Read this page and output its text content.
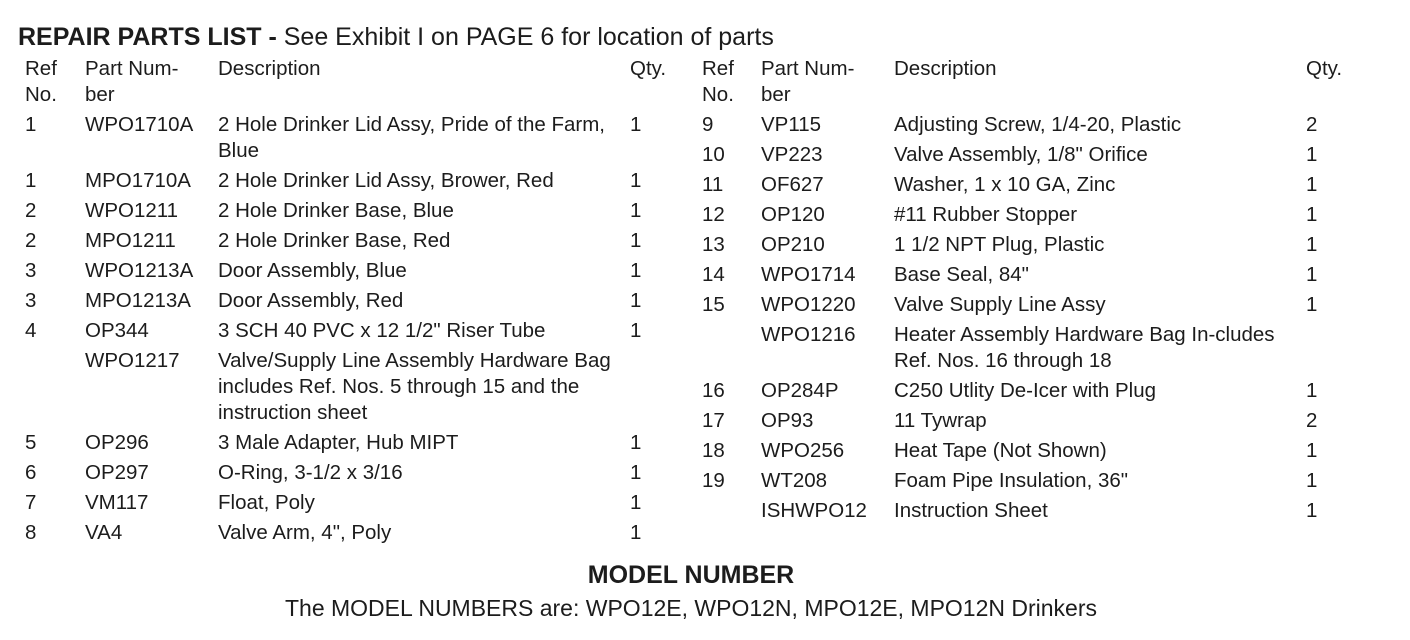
REPAIR PARTS LIST - See Exhibit I on PAGE 6 for location of parts
Ref
No.	Part Num-
ber	Description	Qty.
1	WPO1710A	2 Hole Drinker Lid Assy, Pride of the Farm, Blue	1
1	MPO1710A	2 Hole Drinker Lid Assy, Brower, Red	1
2	WPO1211	2 Hole Drinker Base, Blue	1
2	MPO1211	2 Hole Drinker Base, Red	1
3	WPO1213A	Door Assembly, Blue	1
3	MPO1213A	Door Assembly, Red	1
4	OP344	3 SCH 40 PVC x 12 1/2" Riser Tube	1
	WPO1217	Valve/Supply Line Assembly Hardware Bag includes Ref. Nos. 5 through 15 and the instruction sheet	
5	OP296	3 Male Adapter, Hub MIPT	1
6	OP297	O-Ring, 3-1/2 x 3/16	1
7	VM117	Float, Poly	1
8	VA4	Valve Arm, 4", Poly	1
Ref
No.	Part Num-
ber	Description	Qty.
9	VP115	Adjusting Screw, 1/4-20, Plastic	2
10	VP223	Valve Assembly, 1/8" Orifice	1
11	OF627	Washer, 1 x 10 GA, Zinc	1
12	OP120	#11 Rubber Stopper	1
13	OP210	1 1/2 NPT Plug, Plastic	1
14	WPO1714	Base Seal, 84"	1
15	WPO1220	Valve Supply Line Assy	1
	WPO1216	Heater Assembly Hardware Bag In-cludes Ref. Nos. 16 through 18	
16	OP284P	C250 Utlity De-Icer with Plug	1
17	OP93	11 Tywrap	2
18	WPO256	Heat Tape (Not Shown)	1
19	WT208	Foam Pipe Insulation, 36"	1
	ISHWPO12	Instruction Sheet	1
MODEL NUMBER
The MODEL NUMBERS are: WPO12E, WPO12N, MPO12E, MPO12N Drinkers
